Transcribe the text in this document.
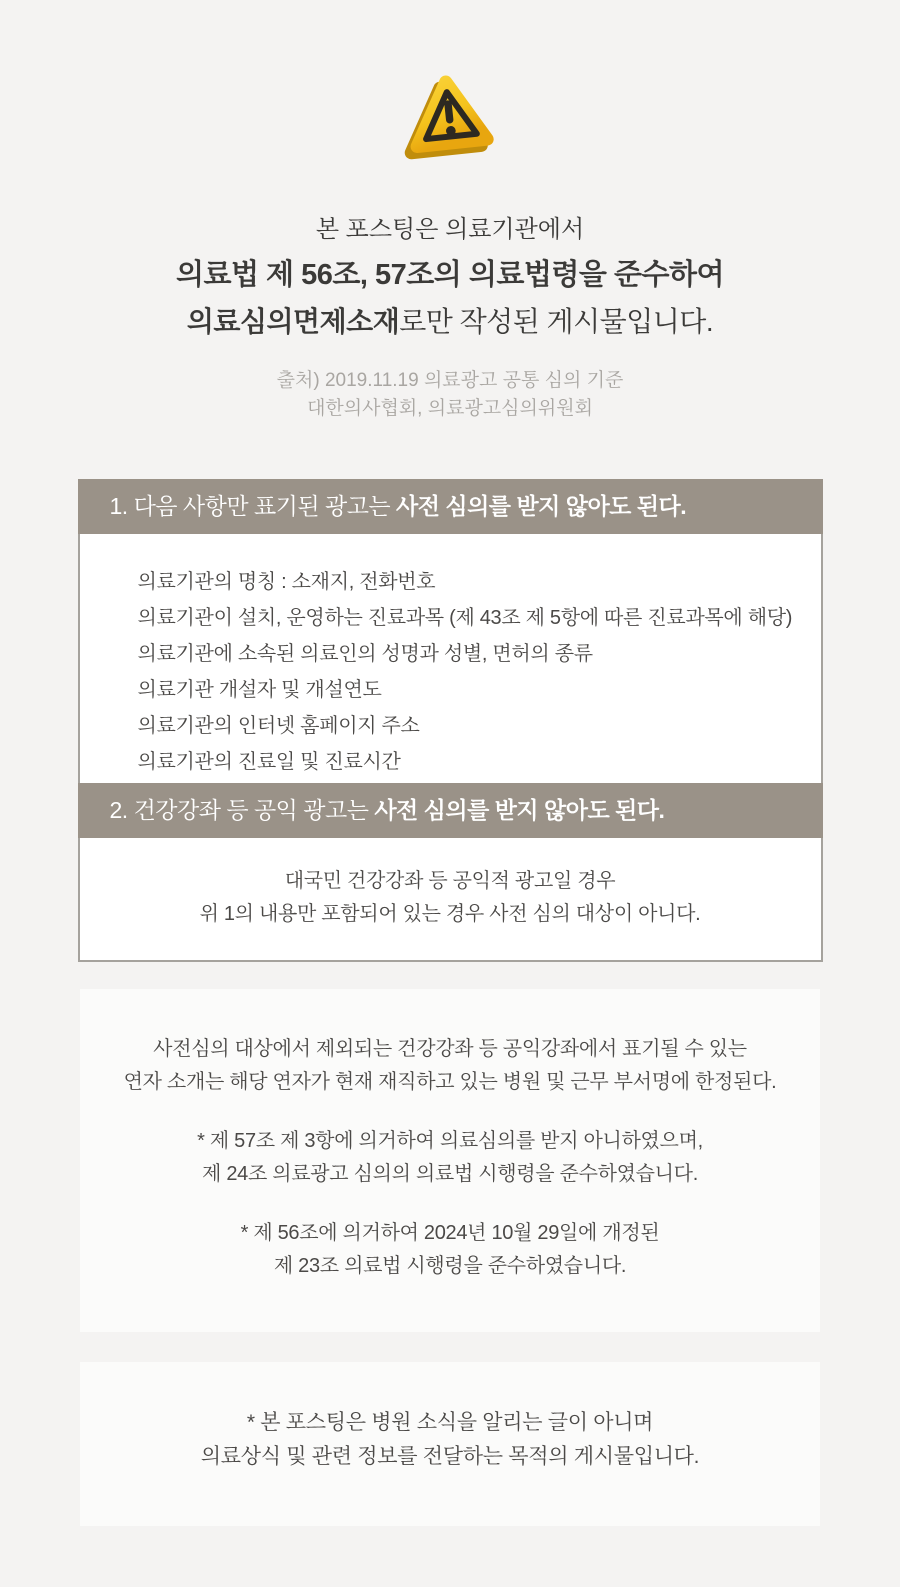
본 포스팅은 의료기관에서
의료법 제 56조, 57조의 의료법령을 준수하여
의료심의면제소재로만 작성된 게시물입니다.
출처) 2019.11.19 의료광고 공통 심의 기준
대한의사협회, 의료광고심의위원회
1. 다음 사항만 표기된 광고는 사전 심의를 받지 않아도 된다.
의료기관의 명칭 : 소재지, 전화번호
의료기관이 설치, 운영하는 진료과목 (제 43조 제 5항에 따른 진료과목에 해당)
의료기관에 소속된 의료인의 성명과 성별, 면허의 종류
의료기관 개설자 및 개설연도
의료기관의 인터넷 홈페이지 주소
의료기관의 진료일 및 진료시간
2. 건강강좌 등 공익 광고는 사전 심의를 받지 않아도 된다.
대국민 건강강좌 등 공익적 광고일 경우
위 1의 내용만 포함되어 있는 경우 사전 심의 대상이 아니다.

사전심의 대상에서 제외되는 건강강좌 등 공익강좌에서 표기될 수 있는
연자 소개는 해당 연자가 현재 재직하고 있는 병원 및 근무 부서명에 한정된다.

* 제 57조 제 3항에 의거하여 의료심의를 받지 아니하였으며,
제 24조 의료광고 심의의 의료법 시행령을 준수하였습니다.

* 제 56조에 의거하여 2024년 10월 29일에 개정된
제 23조 의료법 시행령을 준수하였습니다.

* 본 포스팅은 병원 소식을 알리는 글이 아니며
의료상식 및 관련 정보를 전달하는 목적의 게시물입니다.
